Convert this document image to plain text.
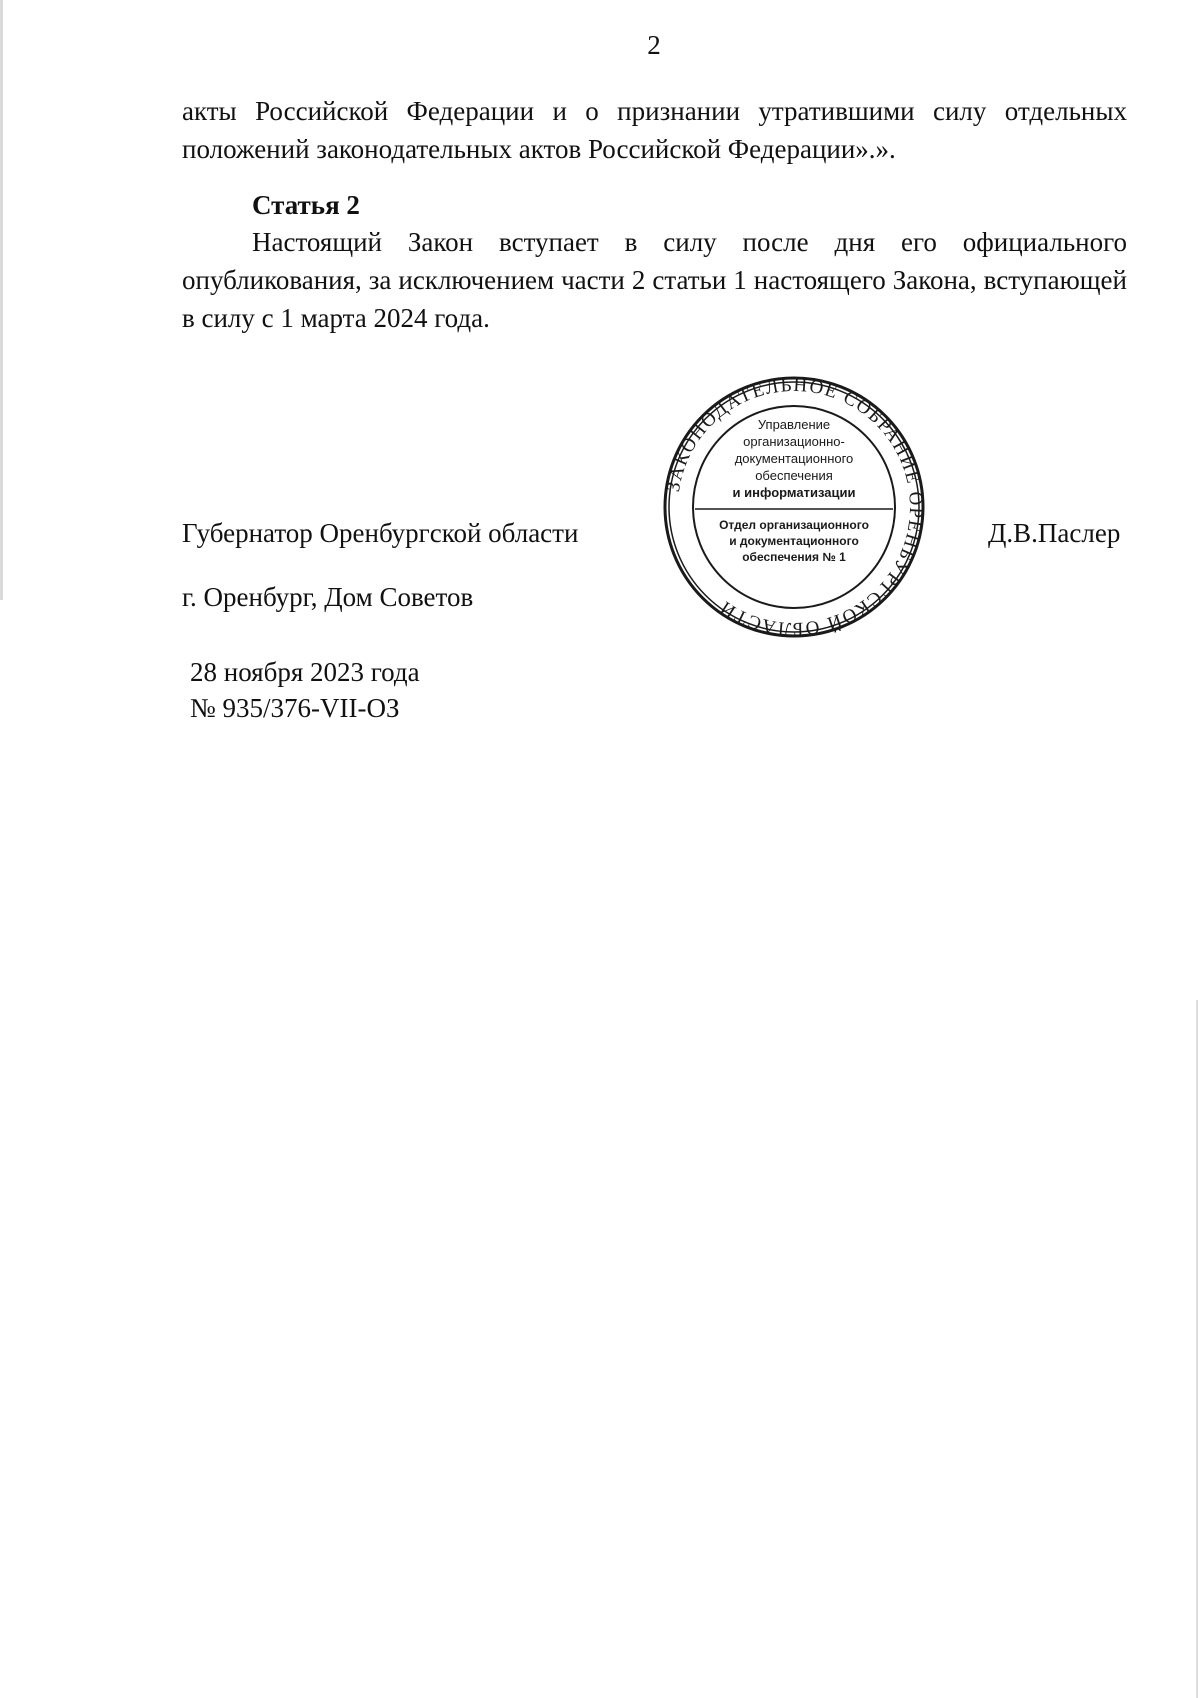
2

акты Российской Федерации и о признании утратившими силу отдельных положений законодательных актов Российской Федерации».».

Статья 2

Настоящий Закон вступает в силу после дня его официального опубликования, за исключением части 2 статьи 1 настоящего Закона, вступающей в силу с 1 марта 2024 года.

Губернатор Оренбургской области	Д.В.Паслер
г. Оренбург, Дом Советов
28 ноября 2023 года
№ 935/376-VII-ОЗ
ЗАКОНОДАТЕЛЬНОЕ СОБРАНИЕ ОРЕНБУРГСКОЙ ОБЛАСТИ
Управление
организационно-
документационного
обеспечения
и информатизации
Отдел организационного
и документационного
обеспечения № 1
